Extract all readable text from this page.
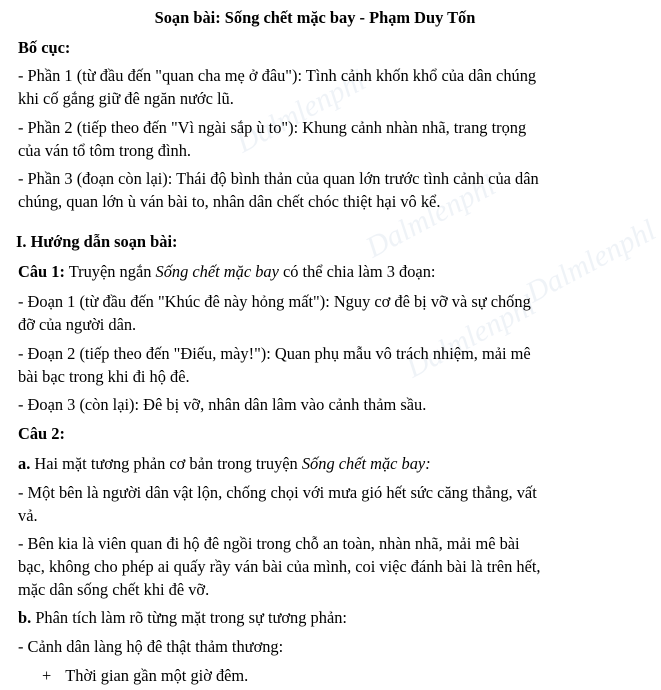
Dalmlenphl
Dalmlenphl Dalmlenphl
Dalmlenphl
Soạn bài: Sống chết mặc bay - Phạm Duy Tốn
Bố cục:
- Phần 1 (từ đầu đến "quan cha mẹ ở đâu"): Tình cảnh khốn khổ của dân chúng
khi cố gắng giữ đê ngăn nước lũ.
- Phần 2 (tiếp theo đến "Vì ngài sắp ù to"): Khung cảnh nhàn nhã, trang trọng
của ván tổ tôm trong đình.
- Phần 3 (đoạn còn lại): Thái độ bình thản của quan lớn trước tình cảnh của dân
chúng, quan lớn ù ván bài to, nhân dân chết chóc thiệt hại vô kể.
I. Hướng dẫn soạn bài:
Câu 1: Truyện ngắn Sống chết mặc bay có thể chia làm 3 đoạn:
- Đoạn 1 (từ đầu đến "Khúc đê này hỏng mất"): Nguy cơ đê bị vỡ và sự chống
đỡ của người dân.
- Đoạn 2 (tiếp theo đến "Điếu, mày!"): Quan phụ mẫu vô trách nhiệm, mải mê
bài bạc trong khi đi hộ đê.
- Đoạn 3 (còn lại): Đê bị vỡ, nhân dân lâm vào cảnh thảm sầu.
Câu 2:
a. Hai mặt tương phản cơ bản trong truyện Sống chết mặc bay:
- Một bên là người dân vật lộn, chống chọi với mưa gió hết sức căng thẳng, vất
vả.
- Bên kia là viên quan đi hộ đê ngồi trong chỗ an toàn, nhàn nhã, mải mê bài
bạc, không cho phép ai quấy rầy ván bài của mình, coi việc đánh bài là trên hết,
mặc dân sống chết khi đê vỡ.
b. Phân tích làm rõ từng mặt trong sự tương phản:
- Cảnh dân làng hộ đê thật thảm thương:
+ Thời gian gần một giờ đêm.
